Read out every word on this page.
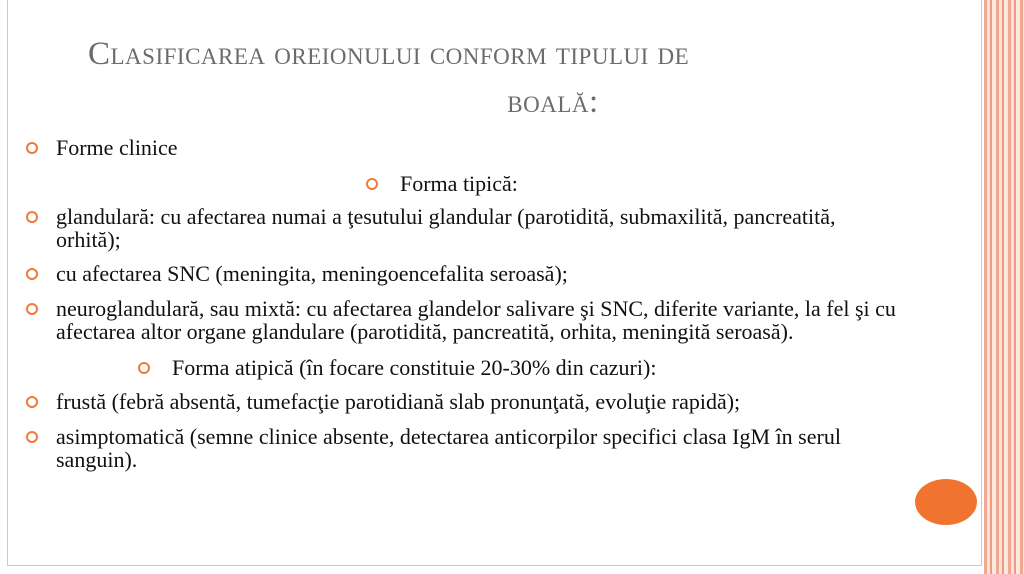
Clasificarea oreionului conform tipului de
boală:

Forme clinice

Forma tipică:

glandulară: cu afectarea numai a ţesutului glandular (parotidită, submaxilită, pancreatită, orhită);

cu afectarea SNC (meningita, meningoencefalita seroasă);

neuroglandulară, sau mixtă: cu afectarea glandelor salivare şi SNC, diferite variante, la fel şi cu afectarea altor organe glandulare (parotidită, pancreatită, orhita, meningită seroasă).

Forma atipică (în focare constituie 20-30% din cazuri):

frustă (febră absentă, tumefacţie parotidiană slab pronunţată, evoluţie rapidă);

asimptomatică (semne clinice absente, detectarea anticorpilor specifici clasa IgM în serul sanguin).
